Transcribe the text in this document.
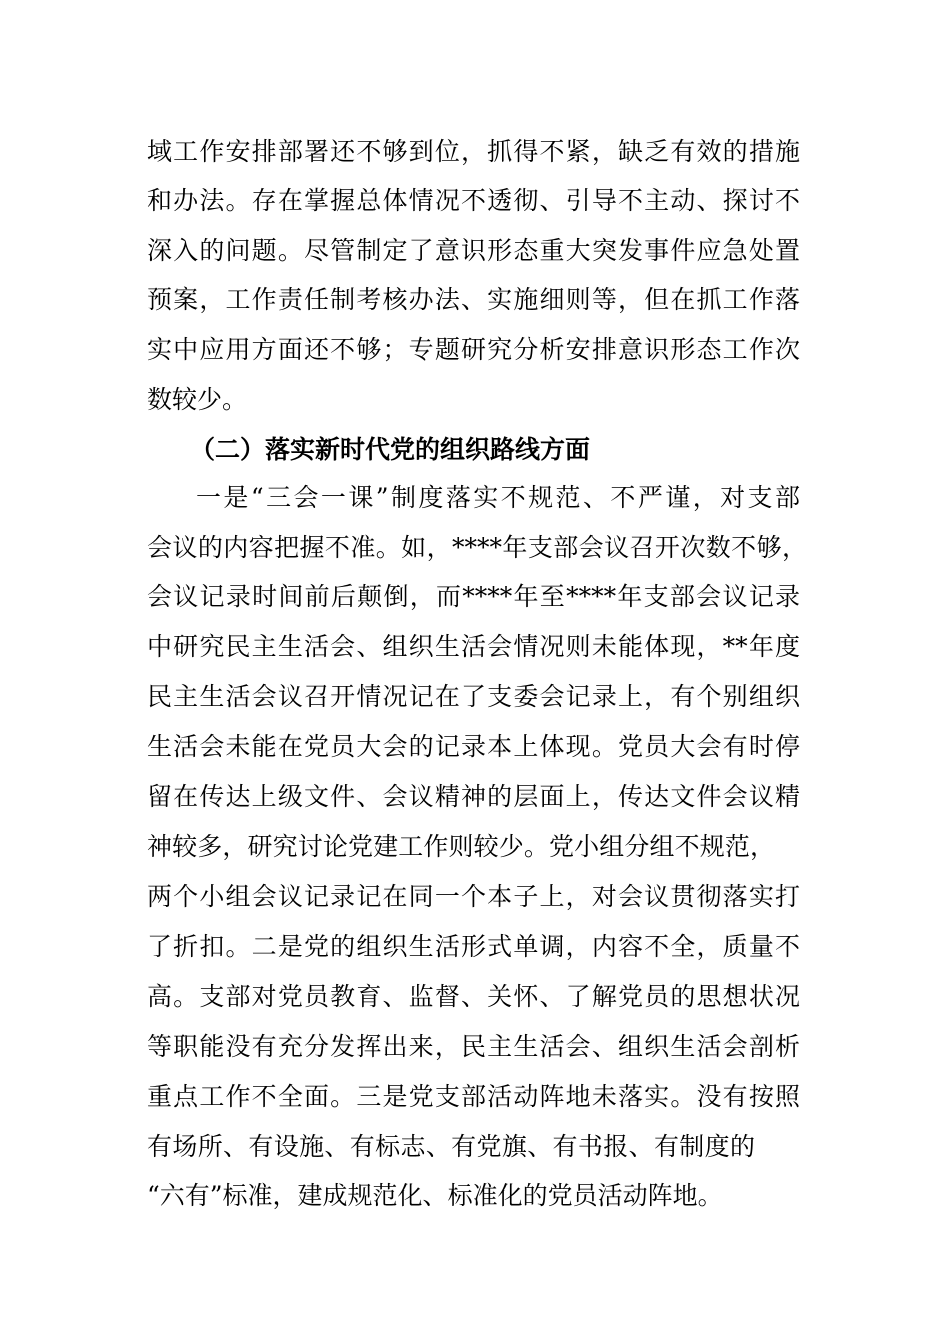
域工作安排部署还不够到位，抓得不紧，缺乏有效的措施
和办法。存在掌握总体情况不透彻、引导不主动、探讨不
深入的问题。尽管制定了意识形态重大突发事件应急处置
预案，工作责任制考核办法、实施细则等，但在抓工作落
实中应用方面还不够；专题研究分析安排意识形态工作次
数较少。
（二）落实新时代党的组织路线方面
一是“三会一课”制度落实不规范、不严谨，对支部
会议的内容把握不准。如，****年支部会议召开次数不够，
会议记录时间前后颠倒，而****年至****年支部会议记录
中研究民主生活会、组织生活会情况则未能体现，**年度
民主生活会议召开情况记在了支委会记录上，有个别组织
生活会未能在党员大会的记录本上体现。党员大会有时停
留在传达上级文件、会议精神的层面上，传达文件会议精
神较多，研究讨论党建工作则较少。党小组分组不规范，
两个小组会议记录记在同一个本子上，对会议贯彻落实打
了折扣。二是党的组织生活形式单调，内容不全，质量不
高。支部对党员教育、监督、关怀、了解党员的思想状况
等职能没有充分发挥出来，民主生活会、组织生活会剖析
重点工作不全面。三是党支部活动阵地未落实。没有按照
有场所、有设施、有标志、有党旗、有书报、有制度的
“六有”标准，建成规范化、标准化的党员活动阵地。
